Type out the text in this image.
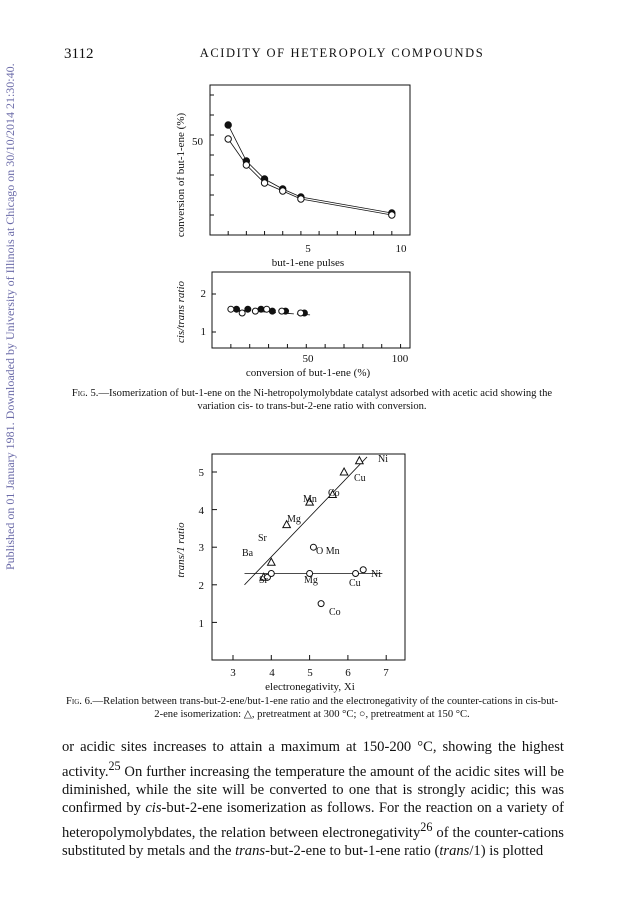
3112	ACIDITY OF HETEROPOLY COMPOUNDS
Published on 01 January 1981. Downloaded by University of Illinois at Chicago on 30/10/2014 21:30:40.	conversion of but-1-ene (%) 50
5	10
but-1-ene pulses
cis/trans ratio 2
1
50	100
conversion of but-1-ene (%)
Fig. 5.—Isomerization of but-1-ene on the Ni-hetropolymolybdate catalyst adsorbed with acetic acid showing the variation cis- to trans-but-2-ene ratio with conversion.
trans/1 ratio
5
4
3
2
1
3	4	5	6	7
electronegativity, Xi
Ni
Cu
Co
Mn
Mg
Sr
Ba	O Mn
Sr	Mg	Cu
Ni
Co
Fig. 6.—Relation between trans-but-2-ene/but-1-ene ratio and the electronegativity of the counter-cations in cis-but-2-ene isomerization: △, pretreatment at 300 °C; ○, pretreatment at 150 °C.
or acidic sites increases to attain a maximum at 150-200 °C, showing the highest activity.$^{25}$ On further increasing the temperature the amount of the acidic sites will be diminished, while the site will be converted to one that is strongly acidic; this was confirmed by cis-but-2-ene isomerization as follows. For the reaction on a variety of heteropolymolybdates, the relation between electronegativity$^{26}$ of the counter-cations substituted by metals and the trans-but-2-ene to but-1-ene ratio (trans/1) is plotted
